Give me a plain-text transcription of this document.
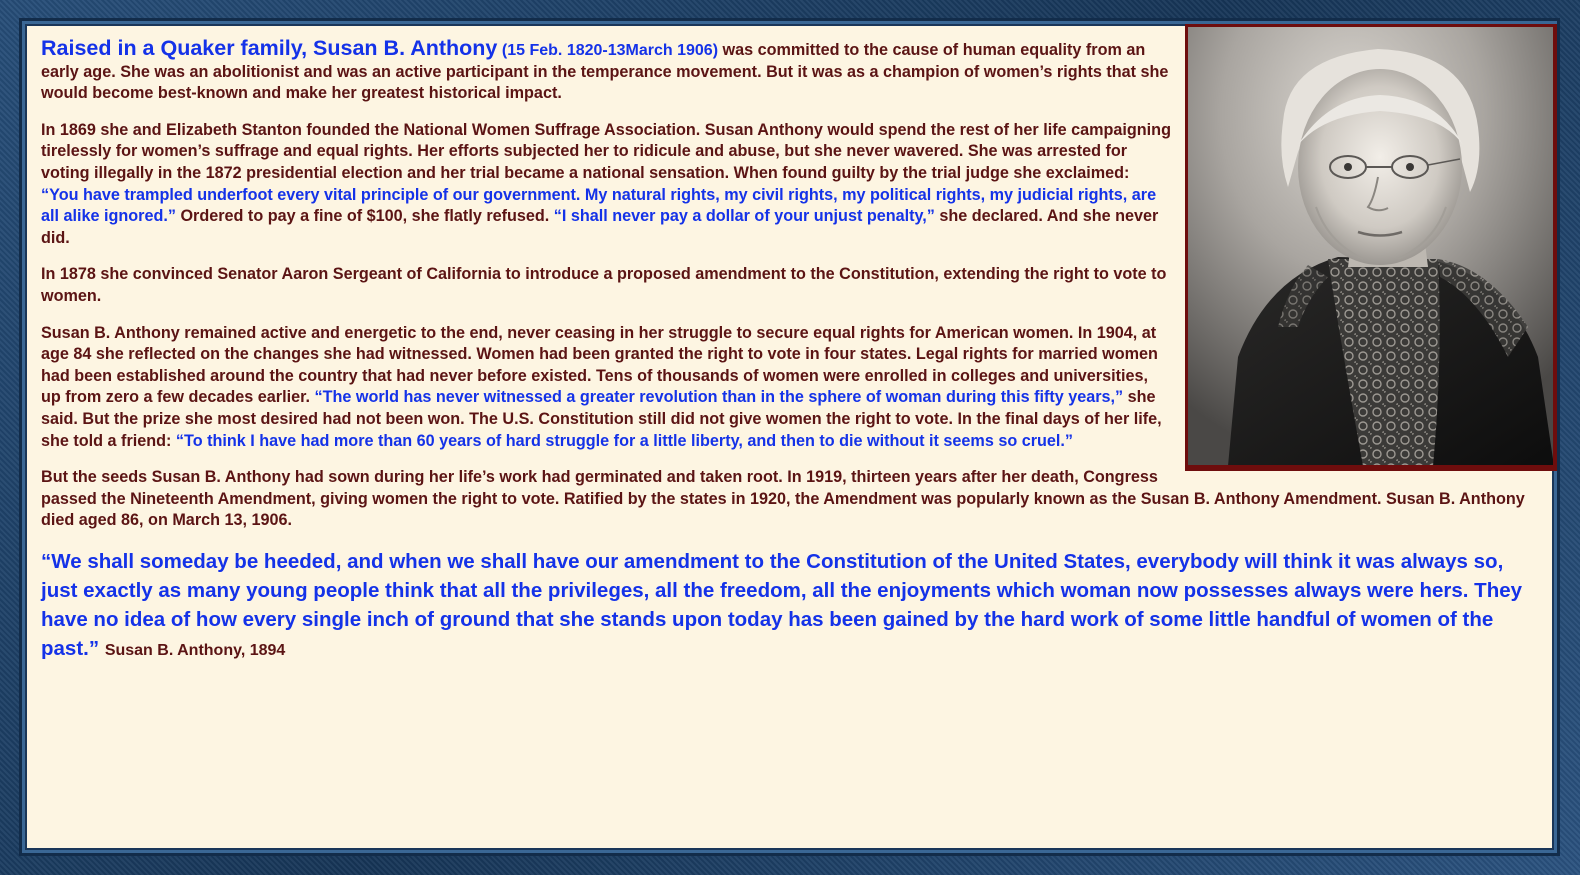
Raised in a Quaker family, Susan B. Anthony (15 Feb. 1820-13March 1906) was committed to the cause of human equality from an early age. She was an abolitionist and was an active participant in the temperance movement. But it was as a champion of women’s rights that she would become best-known and make her greatest historical impact.

In 1869 she and Elizabeth Stanton founded the National Women Suffrage Association. Susan Anthony would spend the rest of her life campaigning tirelessly for women’s suffrage and equal rights. Her efforts subjected her to ridicule and abuse, but she never wavered. She was arrested for voting illegally in the 1872 presidential election and her trial became a national sensation. When found guilty by the trial judge she exclaimed: “You have trampled underfoot every vital principle of our government. My natural rights, my civil rights, my political rights, my judicial rights, are all alike ignored.” Ordered to pay a fine of $100, she flatly refused. “I shall never pay a dollar of your unjust penalty,” she declared. And she never did.

In 1878 she convinced Senator Aaron Sergeant of California to introduce a proposed amendment to the Constitution, extending the right to vote to women.

Susan B. Anthony remained active and energetic to the end, never ceasing in her struggle to secure equal rights for American women. In 1904, at age 84 she reflected on the changes she had witnessed. Women had been granted the right to vote in four states. Legal rights for married women had been established around the country that had never before existed. Tens of thousands of women were enrolled in colleges and universities, up from zero a few decades earlier. “The world has never witnessed a greater revolution than in the sphere of woman during this fifty years,” she said. But the prize she most desired had not been won. The U.S. Constitution still did not give women the right to vote. In the final days of her life, she told a friend: “To think I have had more than 60 years of hard struggle for a little liberty, and then to die without it seems so cruel.”

But the seeds Susan B. Anthony had sown during her life’s work had germinated and taken root. In 1919, thirteen years after her death, Congress passed the Nineteenth Amendment, giving women the right to vote. Ratified by the states in 1920, the Amendment was popularly known as the Susan B. Anthony Amendment. Susan B. Anthony died aged 86, on March 13, 1906.

“We shall someday be heeded, and when we shall have our amendment to the Constitution of the United States, everybody will think it was always so, just exactly as many young people think that all the privileges, all the freedom, all the enjoyments which woman now possesses always were hers. They have no idea of how every single inch of ground that she stands upon today has been gained by the hard work of some little handful of women of the past.” Susan B. Anthony, 1894
